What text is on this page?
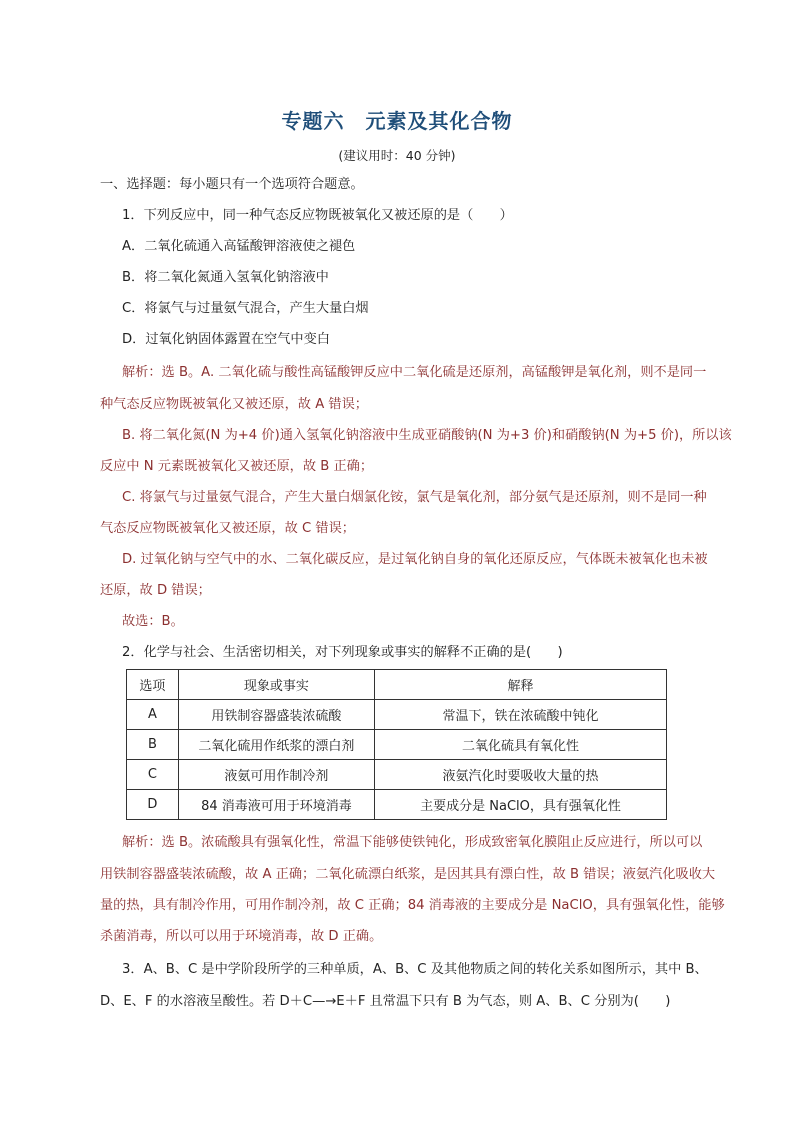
专题六　元素及其化合物
(建议用时：40 分钟)
一、选择题：每小题只有一个选项符合题意。
1．下列反应中，同一种气态反应物既被氧化又被还原的是（　　）
A．二氧化硫通入高锰酸钾溶液使之褪色
B．将二氧化氮通入氢氧化钠溶液中
C．将氯气与过量氨气混合，产生大量白烟
D．过氧化钠固体露置在空气中变白
解析：选 B。A. 二氧化硫与酸性高锰酸钾反应中二氧化硫是还原剂，高锰酸钾是氧化剂，则不是同一
种气态反应物既被氧化又被还原，故 A 错误；
B. 将二氧化氮(N 为+4 价)通入氢氧化钠溶液中生成亚硝酸钠(N 为+3 价)和硝酸钠(N 为+5 价)，所以该
反应中 N 元素既被氧化又被还原，故 B 正确；
C. 将氯气与过量氨气混合，产生大量白烟氯化铵，氯气是氧化剂，部分氨气是还原剂，则不是同一种
气态反应物既被氧化又被还原，故 C 错误；
D. 过氧化钠与空气中的水、二氧化碳反应，是过氧化钠自身的氧化还原反应，气体既未被氧化也未被
还原，故 D 错误；
故选：B。
2．化学与社会、生活密切相关，对下列现象或事实的解释不正确的是(　　)
选项	现象或事实	解释
A	用铁制容器盛装浓硫酸	常温下，铁在浓硫酸中钝化
B	二氧化硫用作纸浆的漂白剂	二氧化硫具有氧化性
C	液氨可用作制冷剂	液氨汽化时要吸收大量的热
D	84 消毒液可用于环境消毒	主要成分是 NaClO，具有强氧化性
解析：选 B。浓硫酸具有强氧化性，常温下能够使铁钝化，形成致密氧化膜阻止反应进行，所以可以
用铁制容器盛装浓硫酸，故 A 正确；二氧化硫漂白纸浆，是因其具有漂白性，故 B 错误；液氨汽化吸收大
量的热，具有制冷作用，可用作制冷剂，故 C 正确；84 消毒液的主要成分是 NaClO，具有强氧化性，能够
杀菌消毒，所以可以用于环境消毒，故 D 正确。
3．A、B、C 是中学阶段所学的三种单质，A、B、C 及其他物质之间的转化关系如图所示，其中 B、
D、E、F 的水溶液呈酸性。若 D＋C—→E＋F 且常温下只有 B 为气态，则 A、B、C 分别为(　　)
